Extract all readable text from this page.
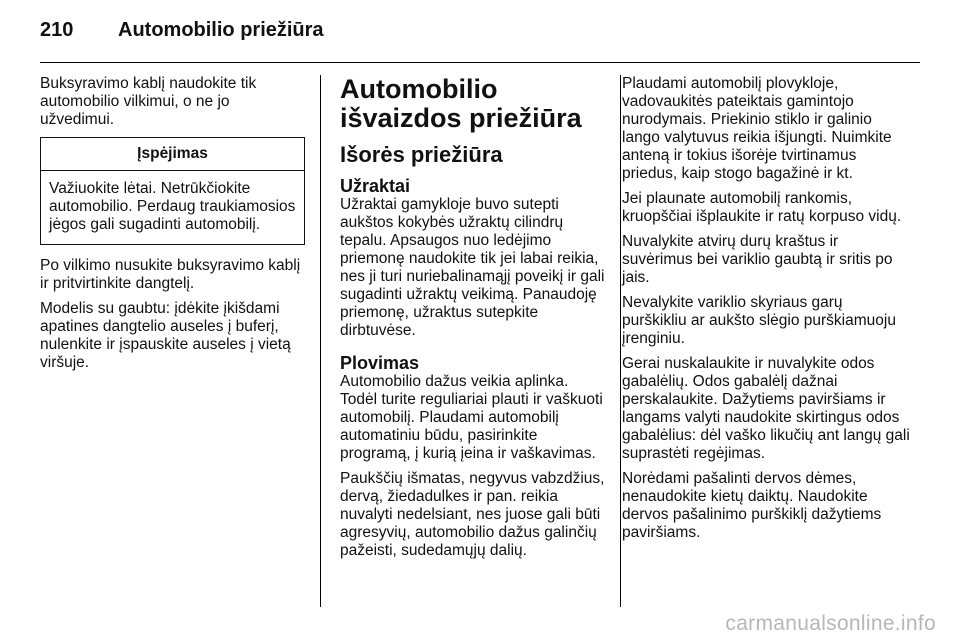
210 Automobilio priežiūra

Buksyravimo kablį naudokite tik automobilio vilkimui, o ne jo užvedimui.

Įspėjimas
Važiuokite lėtai. Netrūkčiokite automobilio. Perdaug traukiamosios jėgos gali sugadinti automobilį.

Po vilkimo nusukite buksyravimo kablį ir pritvirtinkite dangtelį.

Modelis su gaubtu: įdėkite įkišdami apatines dangtelio auseles į buferį, nulenkite ir įspauskite auseles į vietą viršuje.

Automobilio išvaizdos priežiūra
Išorės priežiūra
Užraktai

Užraktai gamykloje buvo sutepti aukštos kokybės užraktų cilindrų tepalu. Apsaugos nuo ledėjimo priemonę naudokite tik jei labai reikia, nes ji turi nuriebalinamąjį poveikį ir gali sugadinti užraktų veikimą. Panaudoję priemonę, užraktus sutepkite dirbtuvėse.

Plovimas

Automobilio dažus veikia aplinka. Todėl turite reguliariai plauti ir vaškuoti automobilį. Plaudami automobilį automatiniu būdu, pasirinkite programą, į kurią įeina ir vaškavimas.

Paukščių išmatas, negyvus vabzdžius, dervą, žiedadulkes ir pan. reikia nuvalyti nedelsiant, nes juose gali būti agresyvių, automobilio dažus galinčių pažeisti, sudedamųjų dalių.

Plaudami automobilį plovykloje, vadovaukitės pateiktais gamintojo nurodymais. Priekinio stiklo ir galinio lango valytuvus reikia išjungti. Nuimkite anteną ir tokius išorėje tvirtinamus priedus, kaip stogo bagažinė ir kt.

Jei plaunate automobilį rankomis, kruopščiai išplaukite ir ratų korpuso vidų.

Nuvalykite atvirų durų kraštus ir suvėrimus bei variklio gaubtą ir sritis po jais.

Nevalykite variklio skyriaus garų purškikliu ar aukšto slėgio purškiamuoju įrenginiu.

Gerai nuskalaukite ir nuvalykite odos gabalėlių. Odos gabalėlį dažnai perskalaukite. Dažytiems paviršiams ir langams valyti naudokite skirtingus odos gabalėlius: dėl vaško likučių ant langų gali suprastėti regėjimas.

Norėdami pašalinti dervos dėmes, nenaudokite kietų daiktų. Naudokite dervos pašalinimo purškiklį dažytiems paviršiams.

carmanualsonline.info
